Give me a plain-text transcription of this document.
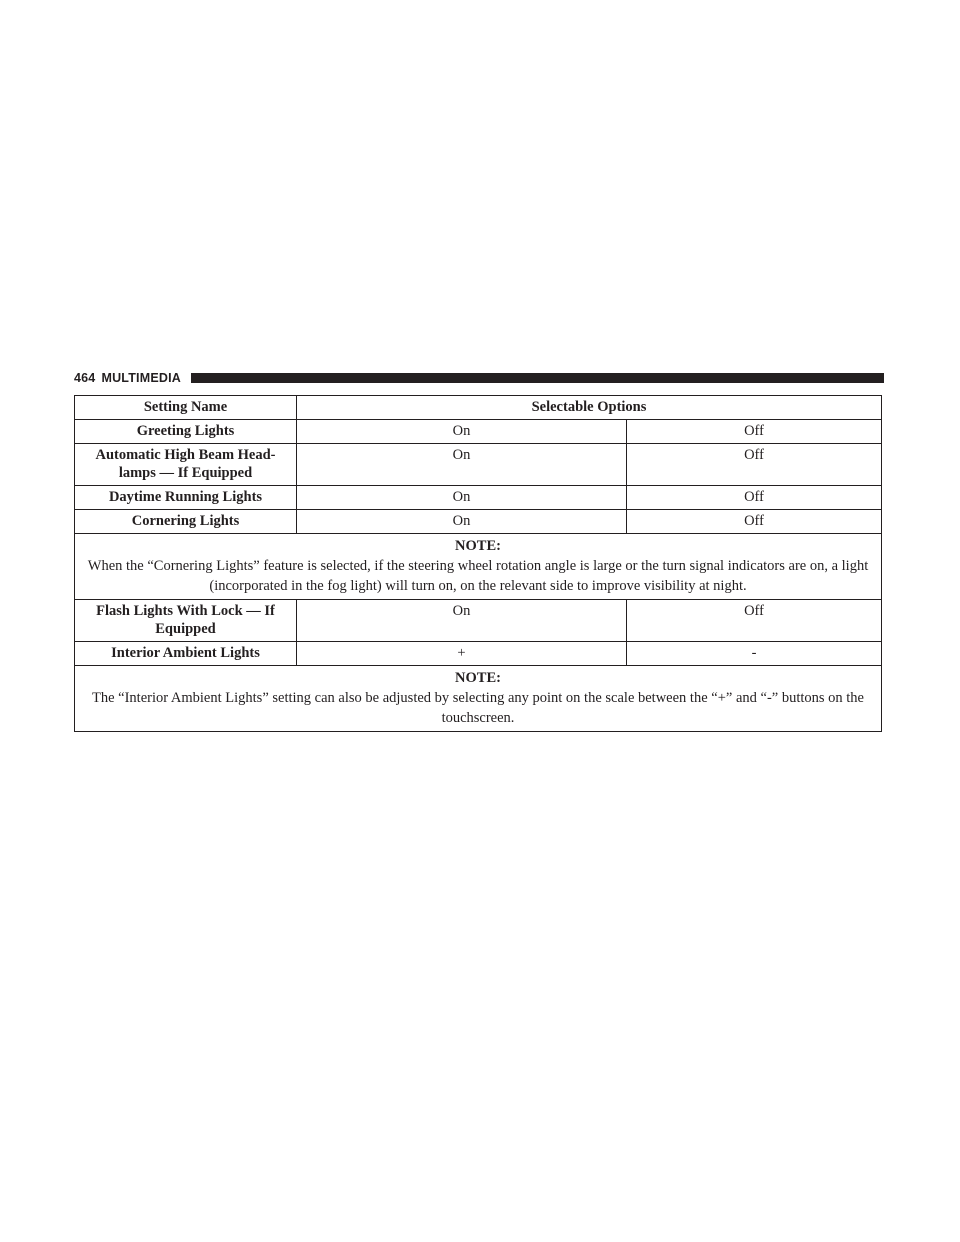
464 MULTIMEDIA
Setting Name	Selectable Options	
Greeting Lights	On	Off
Automatic High Beam Head-lamps — If Equipped	On	Off
Daytime Running Lights	On	Off
Cornering Lights	On	Off

NOTE:
When the “Cornering Lights” feature is selected, if the steering wheel rotation angle is large or the turn signal indicators are on, a light (incorporated in the fog light) will turn on, on the relevant side to improve visibility at night.		
Flash Lights With Lock — If Equipped	On	Off
Interior Ambient Lights	+	-

NOTE:
The “Interior Ambient Lights” setting can also be adjusted by selecting any point on the scale between the “+” and “-” buttons on the touchscreen.		
